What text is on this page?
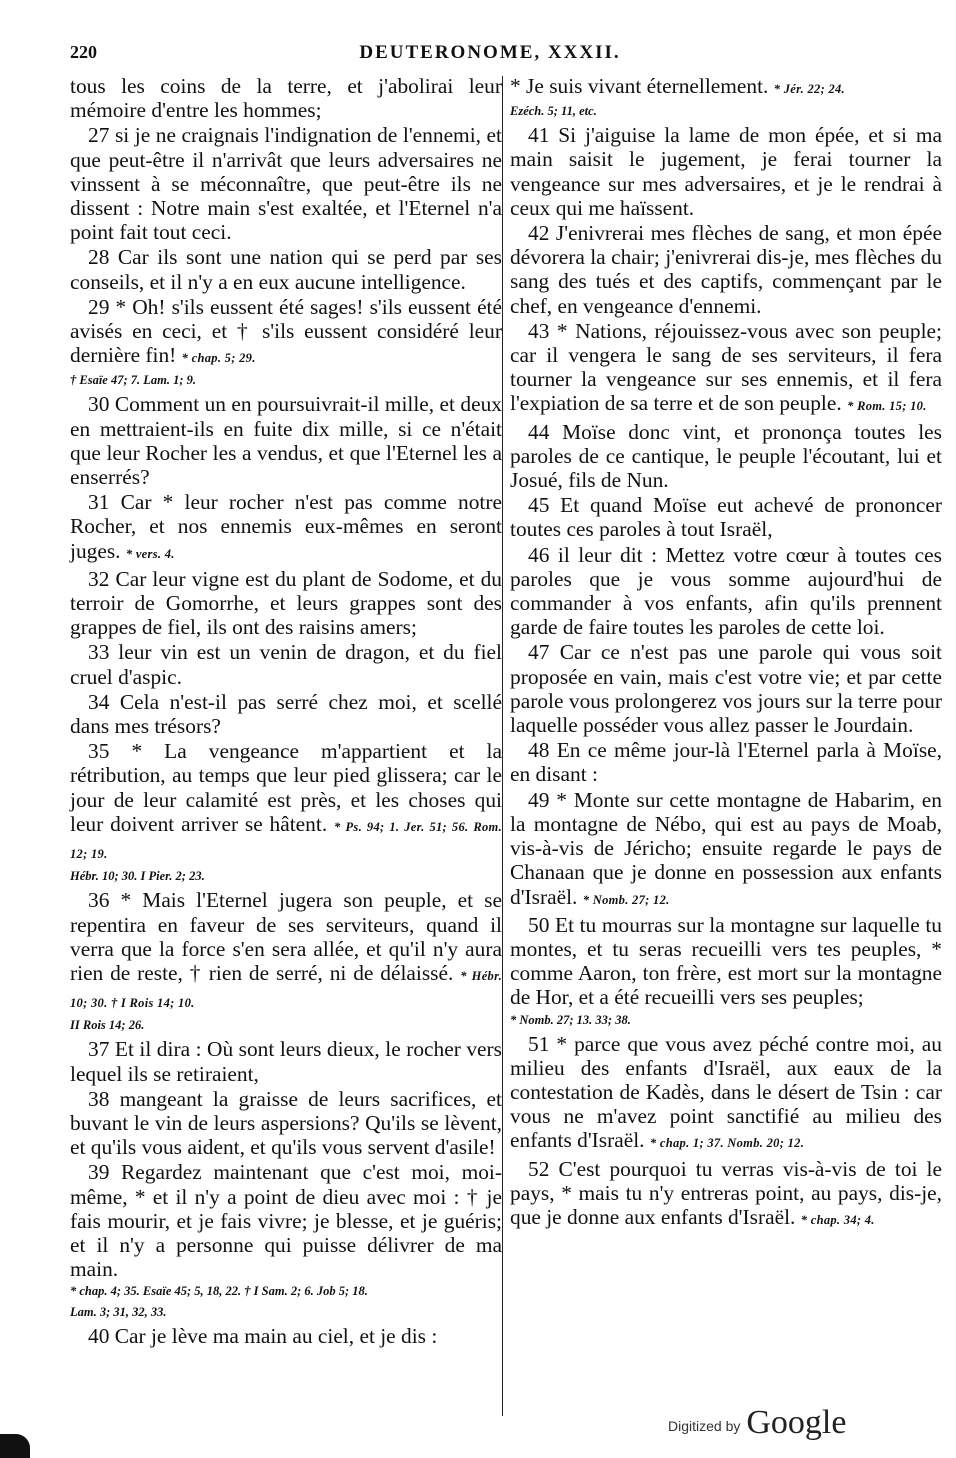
220	DEUTERONOME, XXXII.

tous les coins de la terre, et j'abolirai leur mémoire d'entre les hommes;

27 si je ne craignais l'indignation de l'ennemi, et que peut-être il n'arrivât que leurs adversaires ne vinssent à se méconnaître, que peut-être ils ne dissent : Notre main s'est exaltée, et l'Eternel n'a point fait tout ceci.

28 Car ils sont une nation qui se perd par ses conseils, et il n'y a en eux aucune intelligence.

29 * Oh! s'ils eussent été sages! s'ils eussent été avisés en ceci, et † s'ils eussent considéré leur dernière fin! * chap. 5; 29.

† Esaïe 47; 7. Lam. 1; 9.

30 Comment un en poursuivrait-il mille, et deux en mettraient-ils en fuite dix mille, si ce n'était que leur Rocher les a vendus, et que l'Eternel les a enserrés?

31 Car * leur rocher n'est pas comme notre Rocher, et nos ennemis eux-mêmes en seront juges. * vers. 4.

32 Car leur vigne est du plant de Sodome, et du terroir de Gomorrhe, et leurs grappes sont des grappes de fiel, ils ont des raisins amers;

33 leur vin est un venin de dragon, et du fiel cruel d'aspic.

34 Cela n'est-il pas serré chez moi, et scellé dans mes trésors?

35 * La vengeance m'appartient et la rétribution, au temps que leur pied glissera; car le jour de leur calamité est près, et les choses qui leur doivent arriver se hâtent. * Ps. 94; 1. Jer. 51; 56. Rom. 12; 19.

Hébr. 10; 30. I Pier. 2; 23.

36 * Mais l'Eternel jugera son peuple, et se repentira en faveur de ses serviteurs, quand il verra que la force s'en sera allée, et qu'il n'y aura rien de reste, † rien de serré, ni de délaissé. * Hébr. 10; 30. † I Rois 14; 10.

II Rois 14; 26.

37 Et il dira : Où sont leurs dieux, le rocher vers lequel ils se retiraient,

38 mangeant la graisse de leurs sacrifices, et buvant le vin de leurs aspersions? Qu'ils se lèvent, et qu'ils vous aident, et qu'ils vous servent d'asile!

39 Regardez maintenant que c'est moi, moi-même, * et il n'y a point de dieu avec moi : † je fais mourir, et je fais vivre; je blesse, et je guéris; et il n'y a personne qui puisse délivrer de ma main.

* chap. 4; 35. Esaïe 45; 5, 18, 22. † I Sam. 2; 6. Job 5; 18.

Lam. 3; 31, 32, 33.

40 Car je lève ma main au ciel, et je dis :

* Je suis vivant éternellement. * Jér. 22; 24.

Ezéch. 5; 11, etc.

41 Si j'aiguise la lame de mon épée, et si ma main saisit le jugement, je ferai tourner la vengeance sur mes adversaires, et je le rendrai à ceux qui me haïssent.

42 J'enivrerai mes flèches de sang, et mon épée dévorera la chair; j'enivrerai dis-je, mes flèches du sang des tués et des captifs, commençant par le chef, en vengeance d'ennemi.

43 * Nations, réjouissez-vous avec son peuple; car il vengera le sang de ses serviteurs, il fera tourner la vengeance sur ses ennemis, et il fera l'expiation de sa terre et de son peuple. * Rom. 15; 10.

44 Moïse donc vint, et prononça toutes les paroles de ce cantique, le peuple l'écoutant, lui et Josué, fils de Nun.

45 Et quand Moïse eut achevé de prononcer toutes ces paroles à tout Israël,

46 il leur dit : Mettez votre cœur à toutes ces paroles que je vous somme aujourd'hui de commander à vos enfants, afin qu'ils prennent garde de faire toutes les paroles de cette loi.

47 Car ce n'est pas une parole qui vous soit proposée en vain, mais c'est votre vie; et par cette parole vous prolongerez vos jours sur la terre pour laquelle posséder vous allez passer le Jourdain.

48 En ce même jour-là l'Eternel parla à Moïse, en disant :

49 * Monte sur cette montagne de Habarim, en la montagne de Nébo, qui est au pays de Moab, vis-à-vis de Jéricho; ensuite regarde le pays de Chanaan que je donne en possession aux enfants d'Israël. * Nomb. 27; 12.

50 Et tu mourras sur la montagne sur laquelle tu montes, et tu seras recueilli vers tes peuples, * comme Aaron, ton frère, est mort sur la montagne de Hor, et a été recueilli vers ses peuples;

* Nomb. 27; 13. 33; 38.

51 * parce que vous avez péché contre moi, au milieu des enfants d'Israël, aux eaux de la contestation de Kadès, dans le désert de Tsin : car vous ne m'avez point sanctifié au milieu des enfants d'Israël. * chap. 1; 37. Nomb. 20; 12.

52 C'est pourquoi tu verras vis-à-vis de toi le pays, * mais tu n'y entreras point, au pays, dis-je, que je donne aux enfants d'Israël. * chap. 34; 4.

Digitized by Google
